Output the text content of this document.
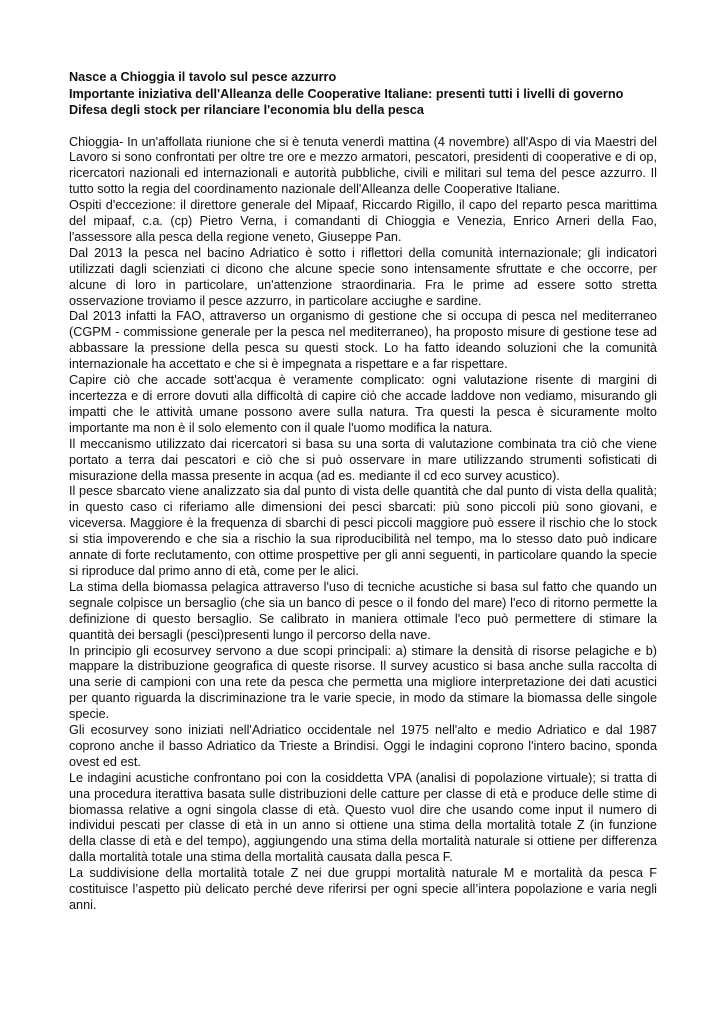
Nasce a Chioggia il tavolo sul pesce azzurro

Importante iniziativa dell'Alleanza delle Cooperative Italiane: presenti tutti i livelli di governo

Difesa degli stock per rilanciare l'economia blu della pesca

Chioggia- In un'affollata riunione che si è tenuta venerdì mattina (4 novembre) all'Aspo di via Maestri del Lavoro si sono confrontati per oltre tre ore e mezzo armatori, pescatori, presidenti di cooperative e di op, ricercatori nazionali ed internazionali e autorità pubbliche, civili e militari sul tema del pesce azzurro. Il tutto sotto la regia del coordinamento nazionale dell'Alleanza delle Cooperative Italiane.

Ospiti d'eccezione: il direttore generale del Mipaaf, Riccardo Rigillo, il capo del reparto pesca marittima del mipaaf, c.a. (cp) Pietro Verna, i comandanti di Chioggia e Venezia, Enrico Arneri della Fao, l'assessore alla pesca della regione veneto, Giuseppe Pan.

Dal 2013 la pesca nel bacino Adriatico è sotto i riflettori della comunità internazionale; gli indicatori utilizzati dagli scienziati ci dicono che alcune specie sono intensamente sfruttate e che occorre, per alcune di loro in particolare, un'attenzione straordinaria. Fra le prime ad essere sotto stretta osservazione troviamo il pesce azzurro, in particolare acciughe e sardine.

Dal 2013 infatti la FAO, attraverso un organismo di gestione che si occupa di pesca nel mediterraneo (CGPM - commissione generale per la pesca nel mediterraneo), ha proposto misure di gestione tese ad abbassare la pressione della pesca su questi stock. Lo ha fatto ideando soluzioni che la comunità internazionale ha accettato e che si è impegnata a rispettare e a far rispettare.

Capire ciò che accade sott'acqua è veramente complicato: ogni valutazione risente di margini di incertezza e di errore dovuti alla difficoltà di capire ciò che accade laddove non vediamo, misurando gli impatti che le attività umane possono avere sulla natura. Tra questi la pesca è sicuramente molto importante ma non è il solo elemento con il quale l'uomo modifica la natura.

Il meccanismo utilizzato dai ricercatori si basa su una sorta di valutazione combinata tra ciò che viene portato a terra dai pescatori e ciò che si può osservare in mare utilizzando strumenti sofisticati di misurazione della massa presente in acqua (ad es. mediante il cd eco survey acustico).

Il pesce sbarcato viene analizzato sia dal punto di vista delle quantità che dal punto di vista della qualità; in questo caso ci riferiamo alle dimensioni dei pesci sbarcati: più sono piccoli più sono giovani, e viceversa. Maggiore è la frequenza di sbarchi di pesci piccoli maggiore può essere il rischio che lo stock si stia impoverendo e che sia a rischio la sua riproducibilità nel tempo, ma lo stesso dato può indicare annate di forte reclutamento, con ottime prospettive per gli anni seguenti, in particolare quando la specie si riproduce dal primo anno di età, come per le alici.

La stima della biomassa pelagica attraverso l'uso di tecniche acustiche si basa sul fatto che quando un segnale colpisce un bersaglio (che sia un banco di pesce o il fondo del mare) l'eco di ritorno permette la definizione di questo bersaglio. Se calibrato in maniera ottimale l'eco può permettere di stimare la quantità dei bersagli (pesci)presenti lungo il percorso della nave.

In principio gli ecosurvey servono a due scopi principali: a) stimare la densità di risorse pelagiche e b) mappare la distribuzione geografica di queste risorse. Il survey acustico si basa anche sulla raccolta di una serie di campioni con una rete da pesca che permetta una migliore interpretazione dei dati acustici per quanto riguarda la discriminazione tra le varie specie, in modo da stimare la biomassa delle singole specie.

Gli ecosurvey sono iniziati nell'Adriatico occidentale nel 1975 nell'alto e medio Adriatico e dal 1987 coprono anche il basso Adriatico da Trieste a Brindisi. Oggi le indagini coprono l'intero bacino, sponda ovest ed est.

Le indagini acustiche confrontano poi con la cosiddetta VPA (analisi di popolazione virtuale); si tratta di una procedura iterattiva basata sulle distribuzioni delle catture per classe di età e produce delle stime di biomassa relative a ogni singola classe di età. Questo vuol dire che usando come input il numero di individui pescati per classe di età in un anno si ottiene una stima della mortalità totale Z (in funzione della classe di età e del tempo), aggiungendo una stima della mortalità naturale si ottiene per differenza dalla mortalità totale una stima della mortalità causata dalla pesca F.

La suddivisione della mortalità totale Z nei due gruppi mortalità naturale M e mortalità da pesca F costituisce l’aspetto più delicato perché deve riferirsi per ogni specie all’intera popolazione e varia negli anni.
